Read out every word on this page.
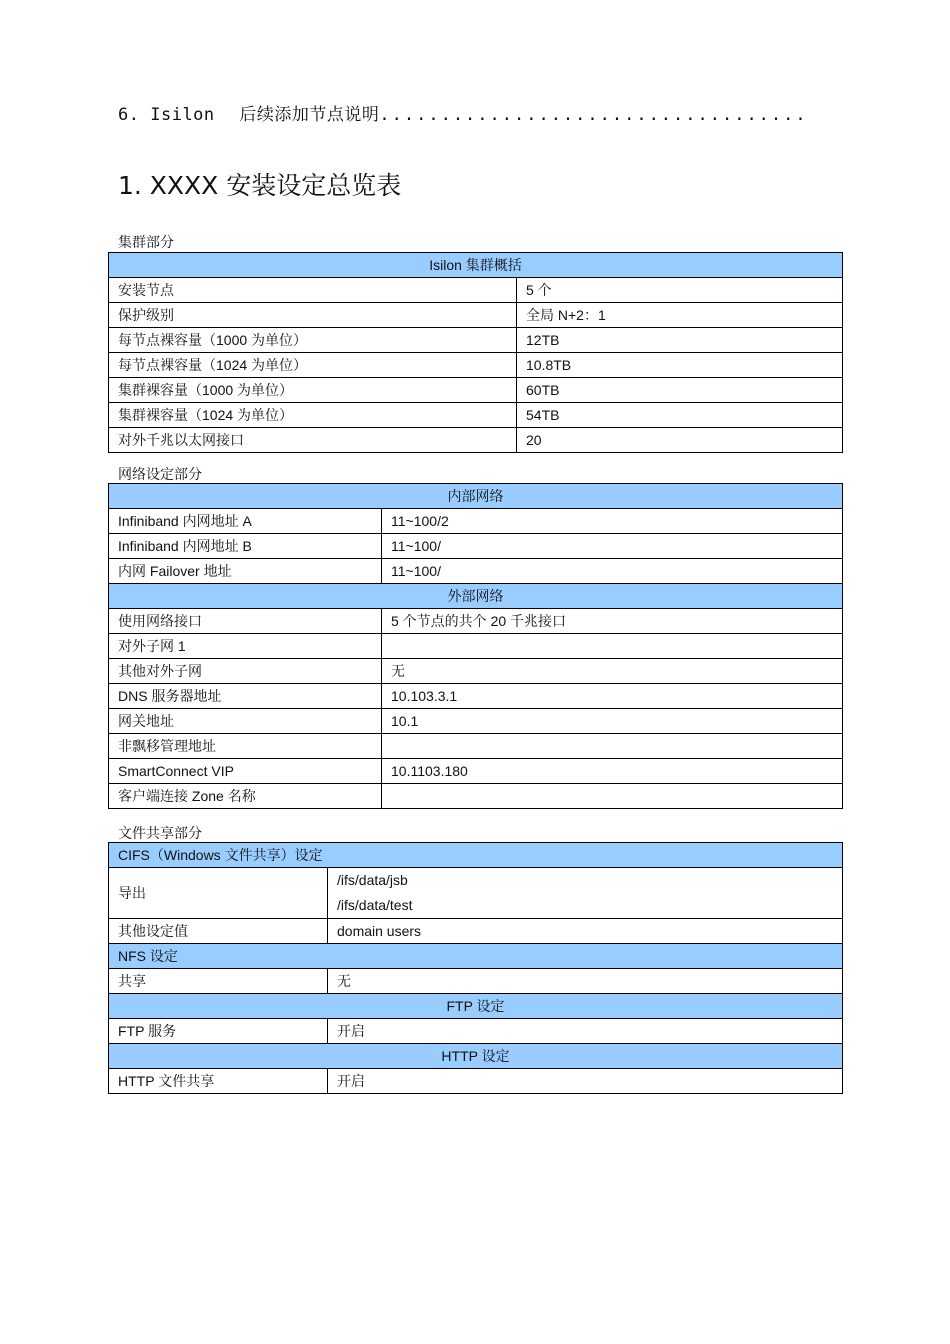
6. Isilon 后续添加节点说明...................................
1. XXXX 安装设定总览表
集群部分
Isilon 集群概括	
安装节点	5 个
保护级别	全局 N+2：1
每节点裸容量（1000 为单位）	12TB
每节点裸容量（1024 为单位）	10.8TB
集群裸容量（1000 为单位）	60TB
集群裸容量（1024 为单位）	54TB
对外千兆以太网接口	20
网络设定部分
内部网络	
Infiniband 内网地址 A	11~100/2
Infiniband 内网地址 B	11~100/
内网 Failover 地址	11~100/
外部网络	
使用网络接口	5 个节点的共个 20 千兆接口
对外子网 1	
其他对外子网	无
DNS 服务器地址	10.103.3.1
网关地址	10.1
非飘移管理地址	
SmartConnect VIP	10.1103.180
客户端连接 Zone 名称	
文件共享部分
CIFS（Windows 文件共享）设定	
导出	/ifs/data/jsb
/ifs/data/test

其他设定值	domain users
NFS 设定	
共享	无
FTP 设定	
FTP 服务	开启
HTTP 设定	
HTTP 文件共享	开启
